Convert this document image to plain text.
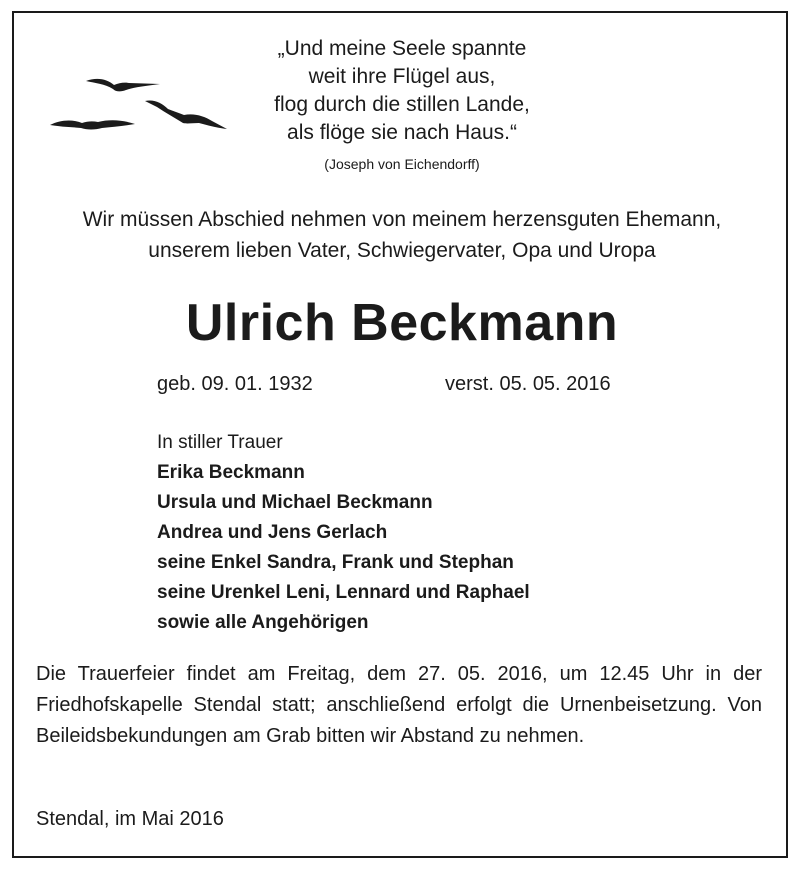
„Und meine Seele spannte

weit ihre Flügel aus,

flog durch die stillen Lande,

als flöge sie nach Haus.“

(Joseph von Eichendorff)

Wir müssen Abschied nehmen von meinem herzensguten Ehemann,

unserem lieben Vater, Schwiegervater, Opa und Uropa

Ulrich Beckmann

geb. 09. 01. 1932	verst. 05. 05. 2016

In stiller Trauer

Erika Beckmann

Ursula und Michael Beckmann

Andrea und Jens Gerlach

seine Enkel Sandra, Frank und Stephan

seine Urenkel Leni, Lennard und Raphael

sowie alle Angehörigen

Die Trauerfeier findet am Freitag, dem 27. 05. 2016, um 12.45 Uhr in der Friedhofskapelle Stendal statt; anschließend erfolgt die Urnenbeisetzung. Von Beileidsbekundungen am Grab bitten wir Abstand zu nehmen.

Stendal, im Mai 2016
